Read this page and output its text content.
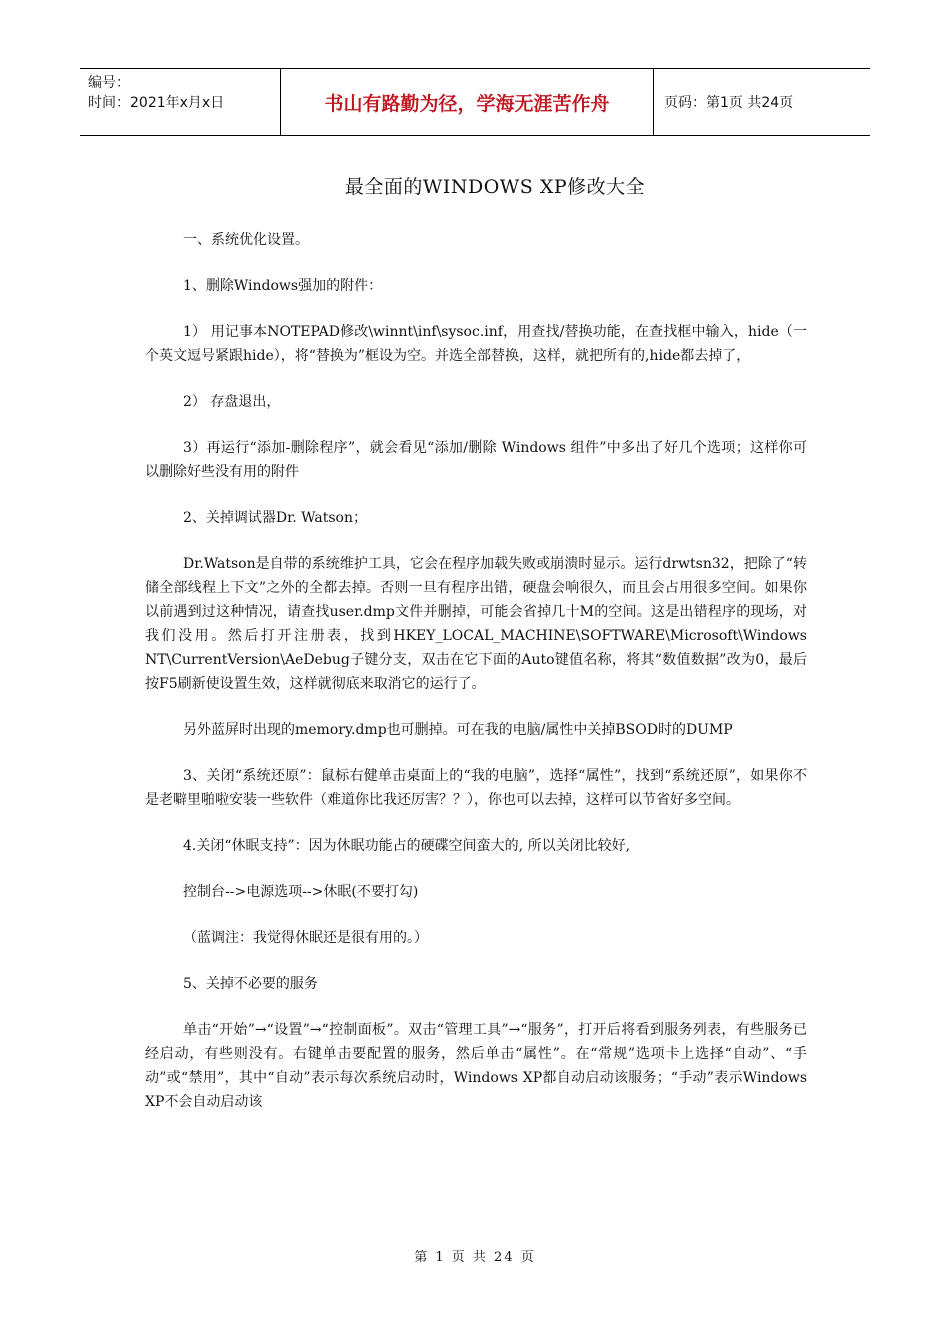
编号：
时间：2021年x月x日	书山有路勤为径，学海无涯苦作舟	页码：第1页 共24页
最全面的WINDOWS XP修改大全

一、系统优化设置。

1、删除Windows强加的附件：

1） 用记事本NOTEPAD修改\winnt\inf\sysoc.inf，用查找/替换功能，在查找框中输入，hide（一个英文逗号紧跟hide），将“替换为”框设为空。并选全部替换，这样，就把所有的,hide都去掉了，

2） 存盘退出，

3）再运行“添加-删除程序”，就会看见“添加/删除 Windows 组件”中多出了好几个选项；这样你可以删除好些没有用的附件

2、关掉调试器Dr. Watson；

Dr.Watson是自带的系统维护工具，它会在程序加载失败或崩溃时显示。运行drwtsn32，把除了“转储全部线程上下文”之外的全都去掉。否则一旦有程序出错，硬盘会响很久，而且会占用很多空间。如果你以前遇到过这种情况，请查找user.dmp文件并删掉，可能会省掉几十M的空间。这是出错程序的现场，对我们没用。然后打开注册表，找到HKEY_LOCAL_MACHINE\SOFTWARE\Microsoft\Windows NT\CurrentVersion\AeDebug子键分支，双击在它下面的Auto键值名称，将其“数值数据”改为0，最后按F5刷新使设置生效，这样就彻底来取消它的运行了。

另外蓝屏时出现的memory.dmp也可删掉。可在我的电脑/属性中关掉BSOD时的DUMP

3、关闭“系统还原”：鼠标右健单击桌面上的“我的电脑”，选择“属性”，找到“系统还原”，如果你不是老噼里啪啦安装一些软件（难道你比我还厉害？？），你也可以去掉，这样可以节省好多空间。

4.关闭“休眠支持”：因为休眠功能占的硬碟空间蛮大的, 所以关闭比较好,

控制台-->电源选项-->休眠(不要打勾)

（蓝调注：我觉得休眠还是很有用的。）

5、关掉不必要的服务

单击“开始”→“设置”→“控制面板”。双击“管理工具”→“服务”，打开后将看到服务列表，有些服务已经启动，有些则没有。右键单击要配置的服务，然后单击“属性”。在“常规”选项卡上选择“自动”、“手动”或“禁用”，其中“自动”表示每次系统启动时，Windows XP都自动启动该服务；“手动”表示Windows XP不会自动启动该

第 1 页 共 24 页
